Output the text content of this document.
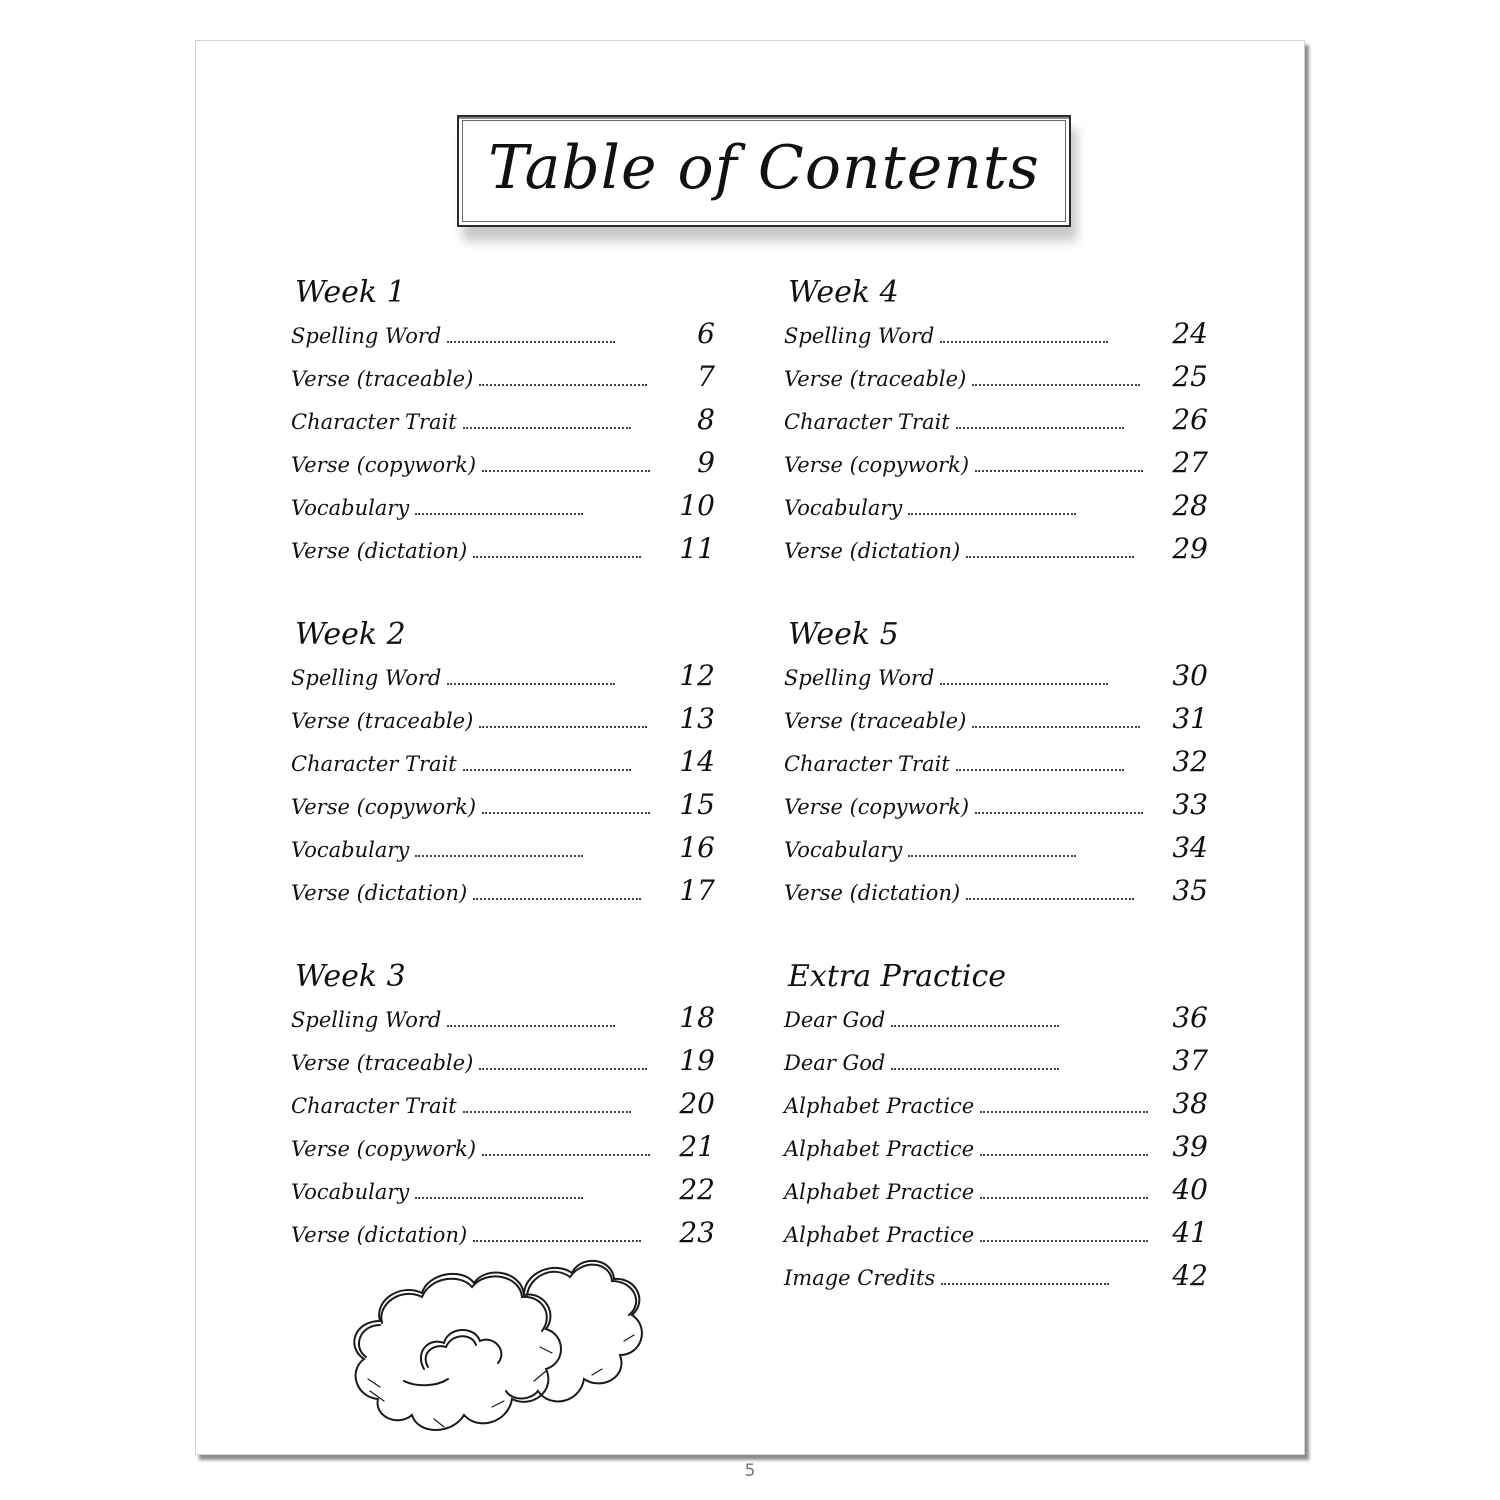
Table of Contents
Week 1
Spelling Word	6
Verse (traceable)	7
Character Trait	8
Verse (copywork)	9
Vocabulary	10
Verse (dictation)	11
Week 2
Spelling Word	12
Verse (traceable)	13
Character Trait	14
Verse (copywork)	15
Vocabulary	16
Verse (dictation)	17
Week 3
Spelling Word	18
Verse (traceable)	19
Character Trait	20
Verse (copywork)	21
Vocabulary	22
Verse (dictation)	23
Week 4
Spelling Word	24
Verse (traceable)	25
Character Trait	26
Verse (copywork)	27
Vocabulary	28
Verse (dictation)	29
Week 5
Spelling Word	30
Verse (traceable)	31
Character Trait	32
Verse (copywork)	33
Vocabulary	34
Verse (dictation)	35
Extra Practice
Dear God	36
Dear God	37
Alphabet Practice	38
Alphabet Practice	39
Alphabet Practice	40
Alphabet Practice	41
Image Credits	42
5
